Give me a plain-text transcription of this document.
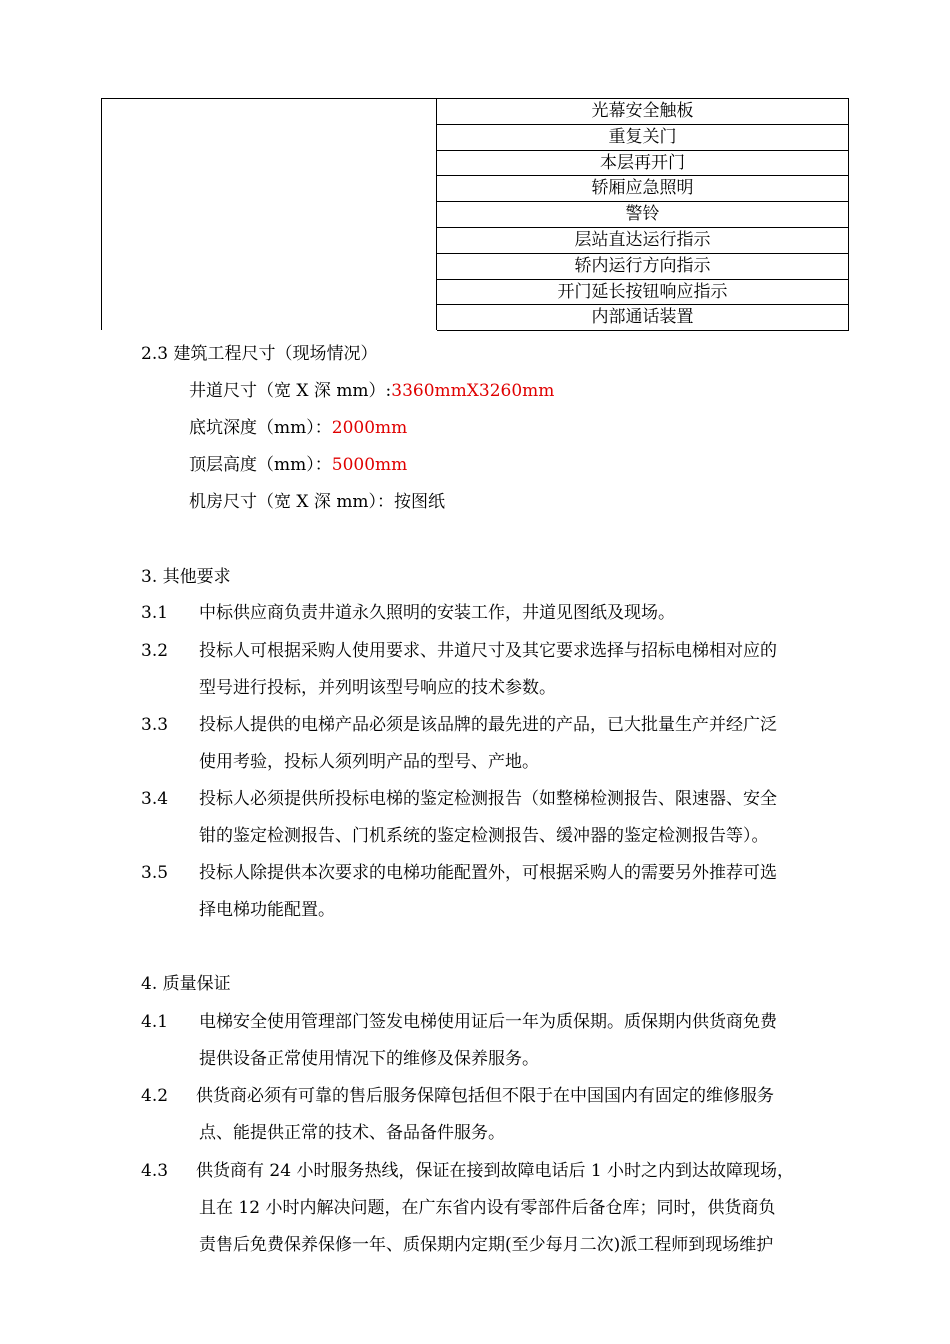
光幕安全触板
重复关门
本层再开门
轿厢应急照明
警铃
层站直达运行指示
轿内运行方向指示
开门延长按钮响应指示
内部通话装置
2.3 建筑工程尺寸（现场情况）
井道尺寸（宽 X 深 mm）:3360mmX3260mm
底坑深度（mm）：2000mm
顶层高度（mm）：5000mm
机房尺寸（宽 X 深 mm）：按图纸
3. 其他要求
3.1 中标供应商负责井道永久照明的安装工作，井道见图纸及现场。
3.2 投标人可根据采购人使用要求、井道尺寸及其它要求选择与招标电梯相对应的
型号进行投标，并列明该型号响应的技术参数。
3.3 投标人提供的电梯产品必须是该品牌的最先进的产品，已大批量生产并经广泛
使用考验，投标人须列明产品的型号、产地。
3.4 投标人必须提供所投标电梯的鉴定检测报告（如整梯检测报告、限速器、安全
钳的鉴定检测报告、门机系统的鉴定检测报告、缓冲器的鉴定检测报告等）。
3.5 投标人除提供本次要求的电梯功能配置外，可根据采购人的需要另外推荐可选
择电梯功能配置。
4. 质量保证
4.1 电梯安全使用管理部门签发电梯使用证后一年为质保期。质保期内供货商免费
提供设备正常使用情况下的维修及保养服务。
4.2 供货商必须有可靠的售后服务保障包括但不限于在中国国内有固定的维修服务
点、能提供正常的技术、备品备件服务。
4.3 供货商有 24 小时服务热线，保证在接到故障电话后 1 小时之内到达故障现场，
且在 12 小时内解决问题，在广东省内设有零部件后备仓库；同时，供货商负
责售后免费保养保修一年、质保期内定期(至少每月二次)派工程师到现场维护
